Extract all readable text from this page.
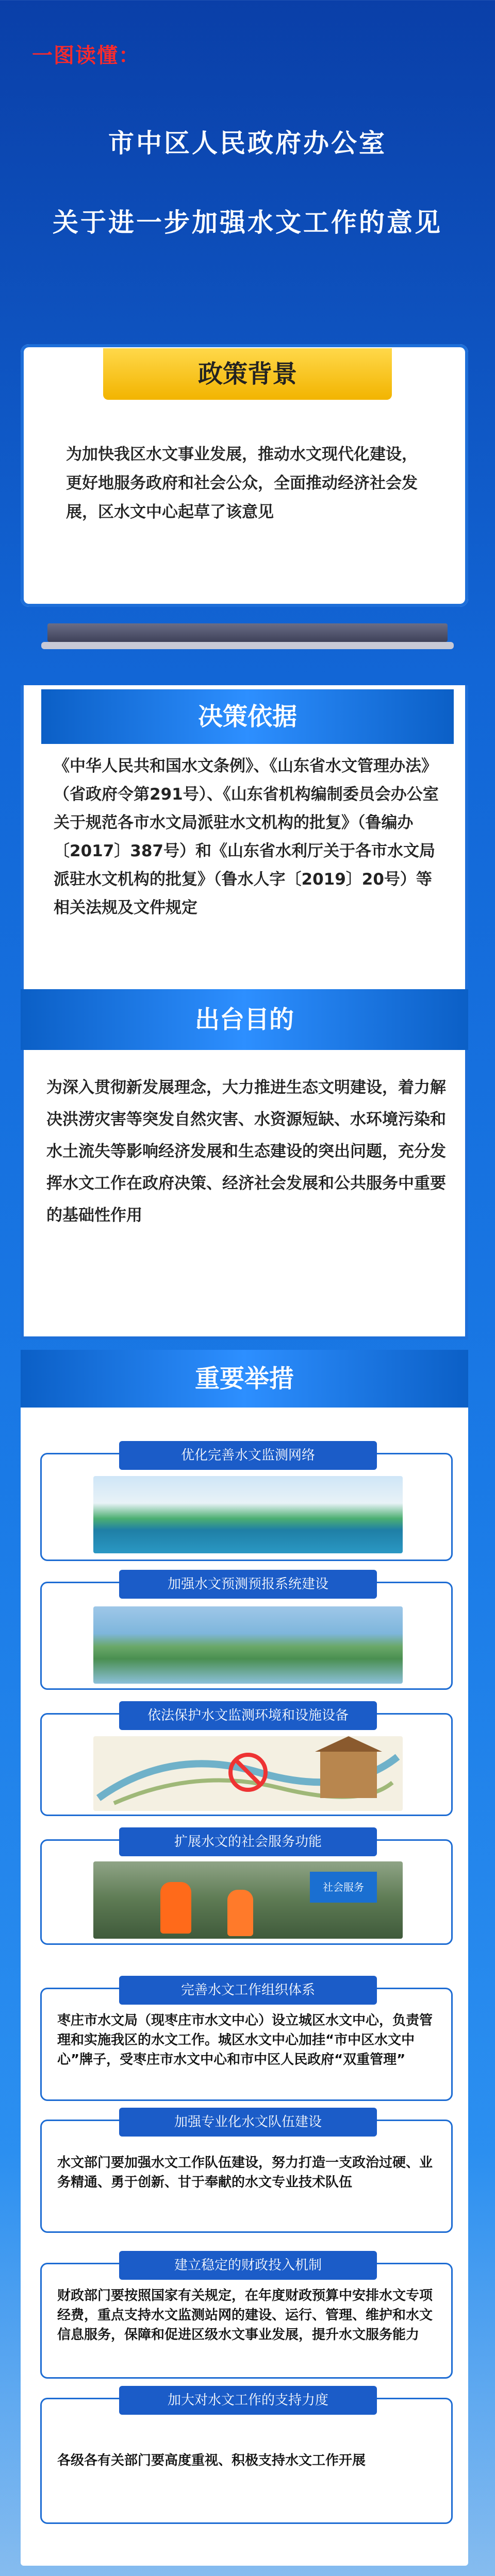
一图读懂：
市中区人民政府办公室
关于进一步加强水文工作的意见
政策背景
为加快我区水文事业发展，推动水文现代化建设，更好地服务政府和社会公众，全面推动经济社会发展，区水文中心起草了该意见
决策依据
《中华人民共和国水文条例》、《山东省水文管理办法》（省政府令第291号）、《山东省机构编制委员会办公室关于规范各市水文局派驻水文机构的批复》（鲁编办〔2017〕387号）和《山东省水利厅关于各市水文局派驻水文机构的批复》（鲁水人字〔2019〕20号）等相关法规及文件规定
出台目的
为深入贯彻新发展理念，大力推进生态文明建设，着力解决洪涝灾害等突发自然灾害、水资源短缺、水环境污染和水土流失等影响经济发展和生态建设的突出问题，充分发挥水文工作在政府决策、经济社会发展和公共服务中重要的基础性作用
重要举措
优化完善水文监测网络
加强水文预测预报系统建设
依法保护水文监测环境和设施设备
扩展水文的社会服务功能
社会服务
完善水文工作组织体系
枣庄市水文局（现枣庄市水文中心）设立城区水文中心，负责管理和实施我区的水文工作。城区水文中心加挂“市中区水文中心”牌子，受枣庄市水文中心和市中区人民政府“双重管理”
加强专业化水文队伍建设
水文部门要加强水文工作队伍建设，努力打造一支政治过硬、业务精通、勇于创新、甘于奉献的水文专业技术队伍
建立稳定的财政投入机制
财政部门要按照国家有关规定，在年度财政预算中安排水文专项经费，重点支持水文监测站网的建设、运行、管理、维护和水文信息服务，保障和促进区级水文事业发展，提升水文服务能力
加大对水文工作的支持力度
各级各有关部门要高度重视、积极支持水文工作开展
